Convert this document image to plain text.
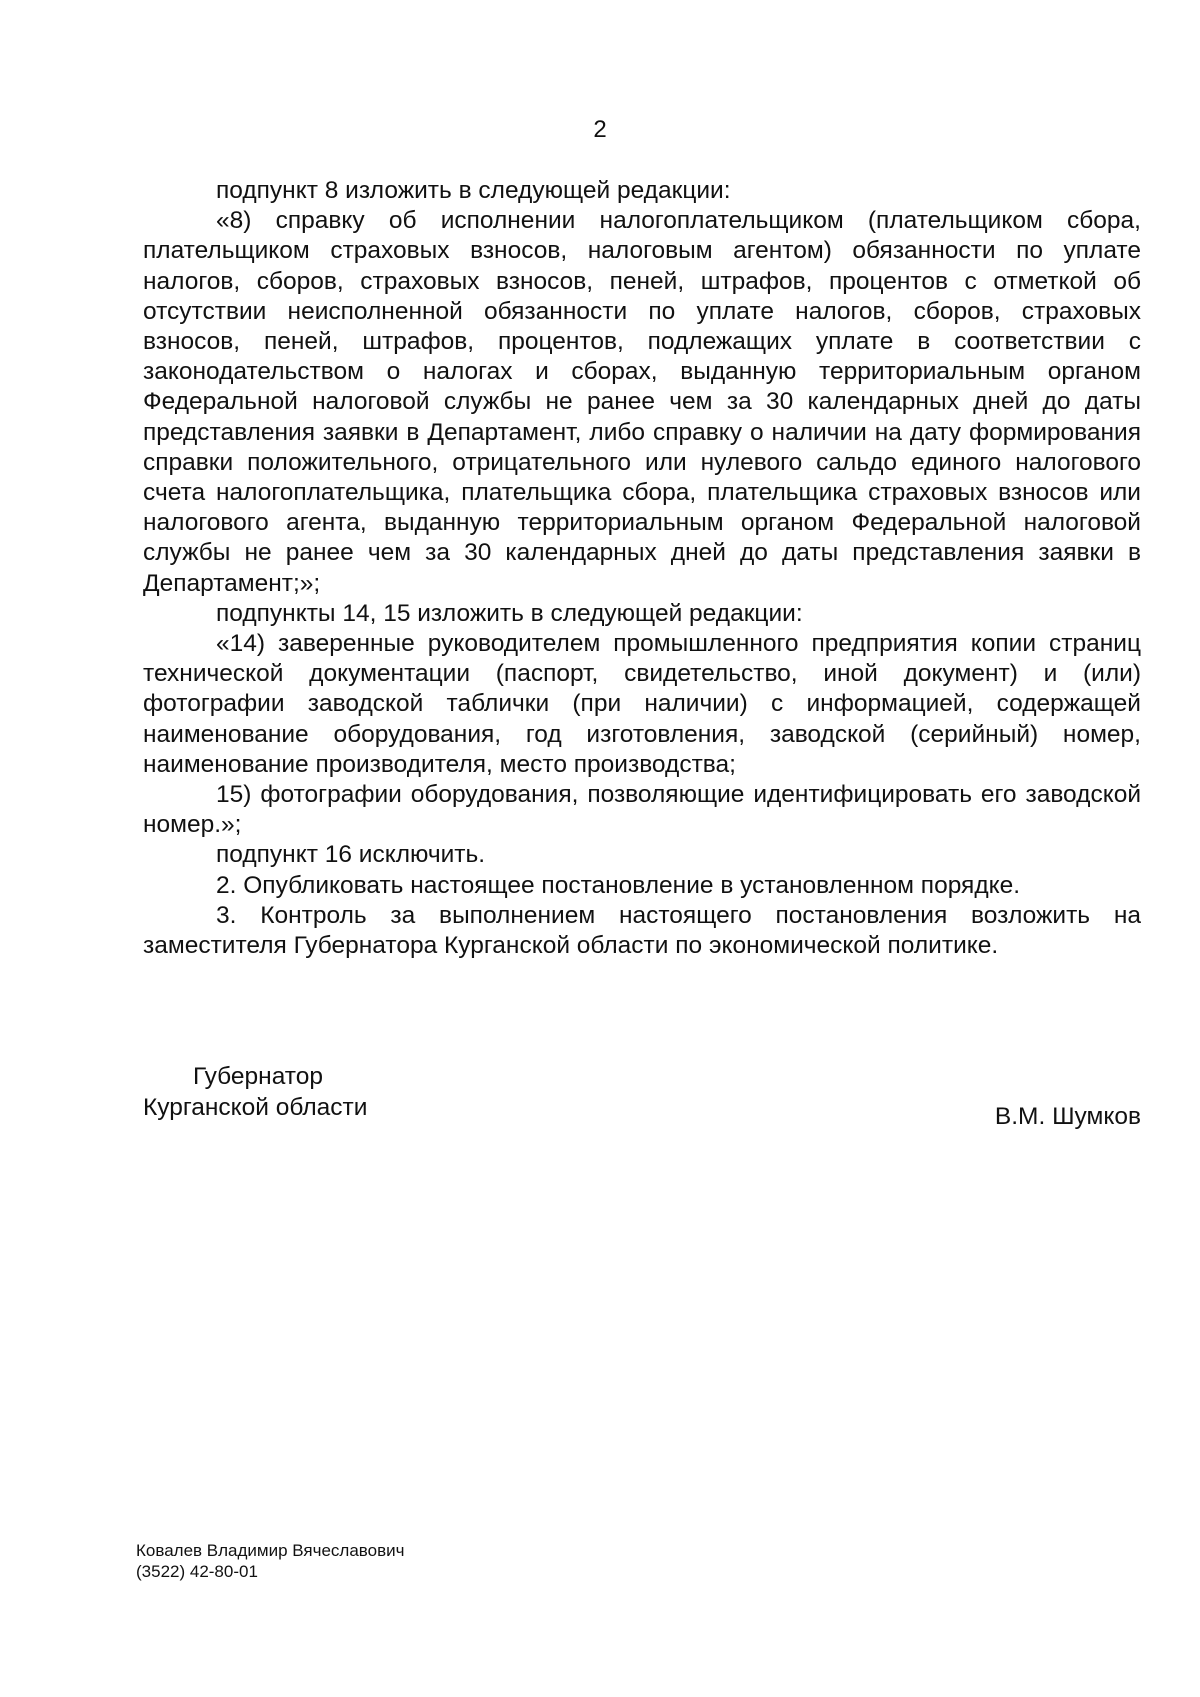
2

подпункт 8 изложить в следующей редакции:

«8) справку об исполнении налогоплательщиком (плательщиком сбора, плательщиком страховых взносов, налоговым агентом) обязанности по уплате налогов, сборов, страховых взносов, пеней, штрафов, процентов с отметкой об отсутствии неисполненной обязанности по уплате налогов, сборов, страховых взносов, пеней, штрафов, процентов, подлежащих уплате в соответствии с законодательством о налогах и сборах, выданную территориальным органом Федеральной налоговой службы не ранее чем за 30 календарных дней до даты представления заявки в Департамент, либо справку о наличии на дату формирования справки положительного, отрицательного или нулевого сальдо единого налогового счета налогоплательщика, плательщика сбора, плательщика страховых взносов или налогового агента, выданную территориальным органом Федеральной налоговой службы не ранее чем за 30 календарных дней до даты представления заявки в Департамент;»;

подпункты 14, 15 изложить в следующей редакции:

«14) заверенные руководителем промышленного предприятия копии страниц технической документации (паспорт, свидетельство, иной документ) и (или) фотографии заводской таблички (при наличии) с информацией, содержащей наименование оборудования, год изготовления, заводской (серийный) номер, наименование производителя, место производства;

15) фотографии оборудования, позволяющие идентифицировать его заводской номер.»;

подпункт 16 исключить.

2. Опубликовать настоящее постановление в установленном порядке.

3. Контроль за выполнением настоящего постановления возложить на заместителя Губернатора Курганской области по экономической политике.

Губернатор
Курганской области	В.М. Шумков
Ковалев Владимир Вячеславович
(3522) 42-80-01
